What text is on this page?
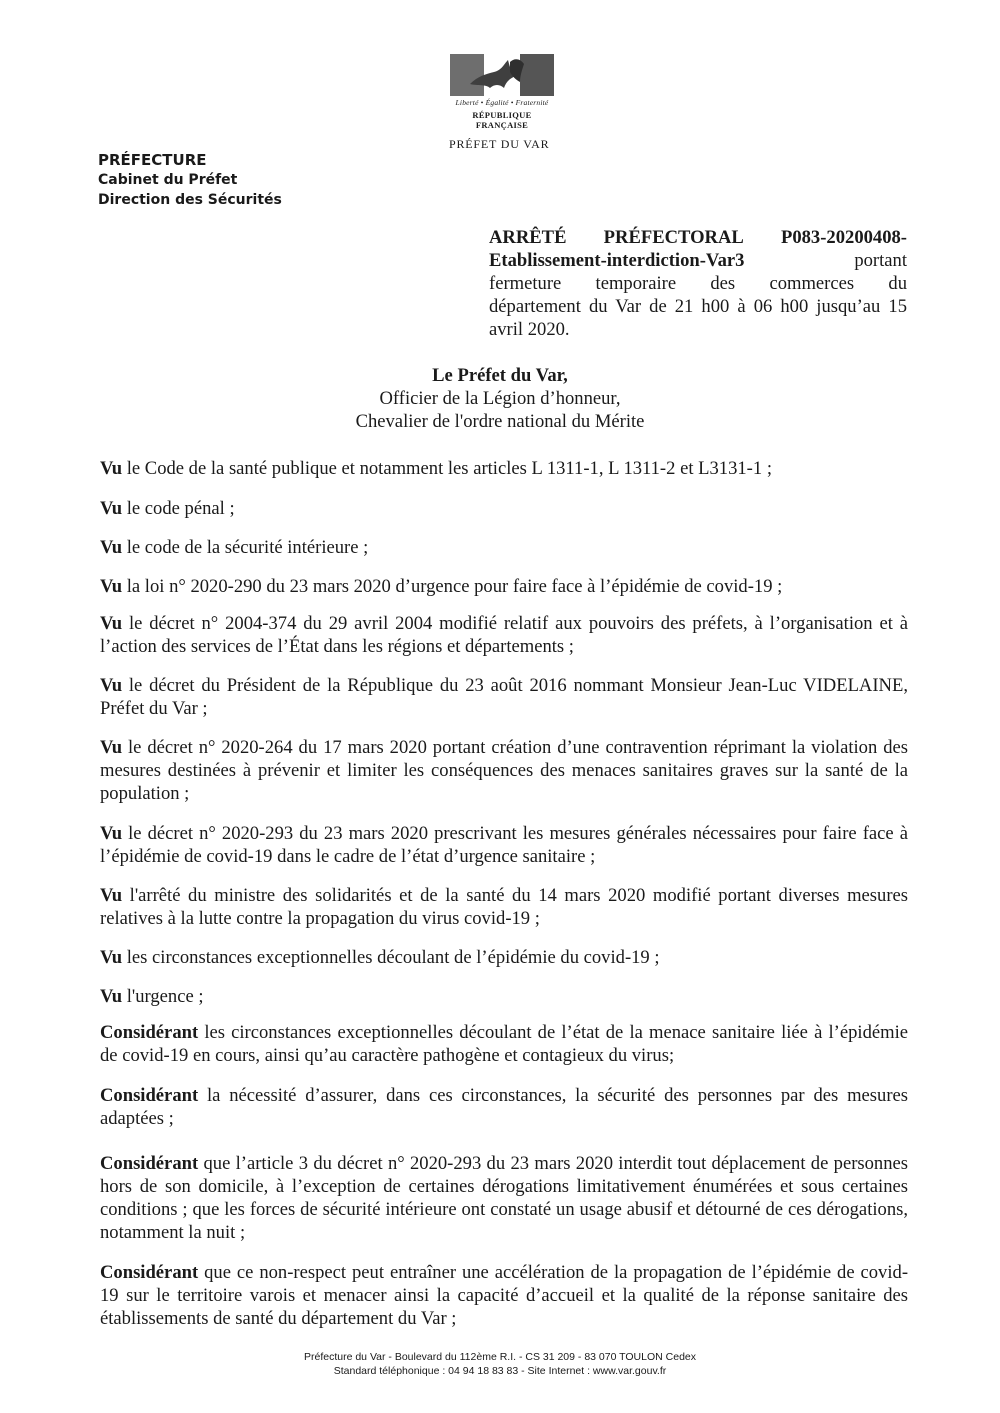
Liberté • Égalité • Fraternité
RÉPUBLIQUE FRANÇAISE
PRÉFET DU VAR
PRÉFECTURE
Cabinet du Préfet
Direction des Sécurités
ARRÊTÉ PRÉFECTORAL P083-20200408-
Etablissement-interdiction-Var3	portant
fermeture temporaire des commerces du
département du Var de 21 h00 à 06 h00 jusqu’au 15
avril 2020.
Le Préfet du Var,
Officier de la Légion d’honneur,
Chevalier de l'ordre national du Mérite
Vu le Code de la santé publique et notamment les articles L 1311-1, L 1311-2 et L3131-1 ;
Vu le code pénal ;
Vu le code de la sécurité intérieure ;
Vu la loi n° 2020-290 du 23 mars 2020 d’urgence pour faire face à l’épidémie de covid-19 ;
Vu le décret n° 2004-374 du 29 avril 2004 modifié relatif aux pouvoirs des préfets, à l’organisation et à l’action des services de l’État dans les régions et départements ;
Vu le décret du Président de la République du 23 août 2016 nommant Monsieur Jean-Luc VIDELAINE, Préfet du Var ;
Vu le décret n° 2020-264 du 17 mars 2020 portant création d’une contravention réprimant la violation des mesures destinées à prévenir et limiter les conséquences des menaces sanitaires graves sur la santé de la population ;
Vu le décret n° 2020-293 du 23 mars 2020 prescrivant les mesures générales nécessaires pour faire face à l’épidémie de covid-19 dans le cadre de l’état d’urgence sanitaire ;
Vu l'arrêté du ministre des solidarités et de la santé du 14 mars 2020 modifié portant diverses mesures relatives à la lutte contre la propagation du virus covid-19 ;
Vu les circonstances exceptionnelles découlant de l’épidémie du covid-19 ;
Vu l'urgence ;
Considérant les circonstances exceptionnelles découlant de l’état de la menace sanitaire liée à l’épidémie de covid-19 en cours, ainsi qu’au caractère pathogène et contagieux du virus;
Considérant la nécessité d’assurer, dans ces circonstances, la sécurité des personnes par des mesures adaptées ;
Considérant que l’article 3 du décret n° 2020-293 du 23 mars 2020 interdit tout déplacement de personnes hors de son domicile, à l’exception de certaines dérogations limitativement énumérées et sous certaines conditions ; que les forces de sécurité intérieure ont constaté un usage abusif et détourné de ces dérogations, notamment la nuit ;
Considérant que ce non-respect peut entraîner une accélération de la propagation de l’épidémie de covid-19 sur le territoire varois et menacer ainsi la capacité d’accueil et la qualité de la réponse sanitaire des établissements de santé du département du Var ;
Préfecture du Var - Boulevard du 112ème R.I. - CS 31 209 - 83 070 TOULON Cedex
Standard téléphonique : 04 94 18 83 83 - Site Internet : www.var.gouv.fr
